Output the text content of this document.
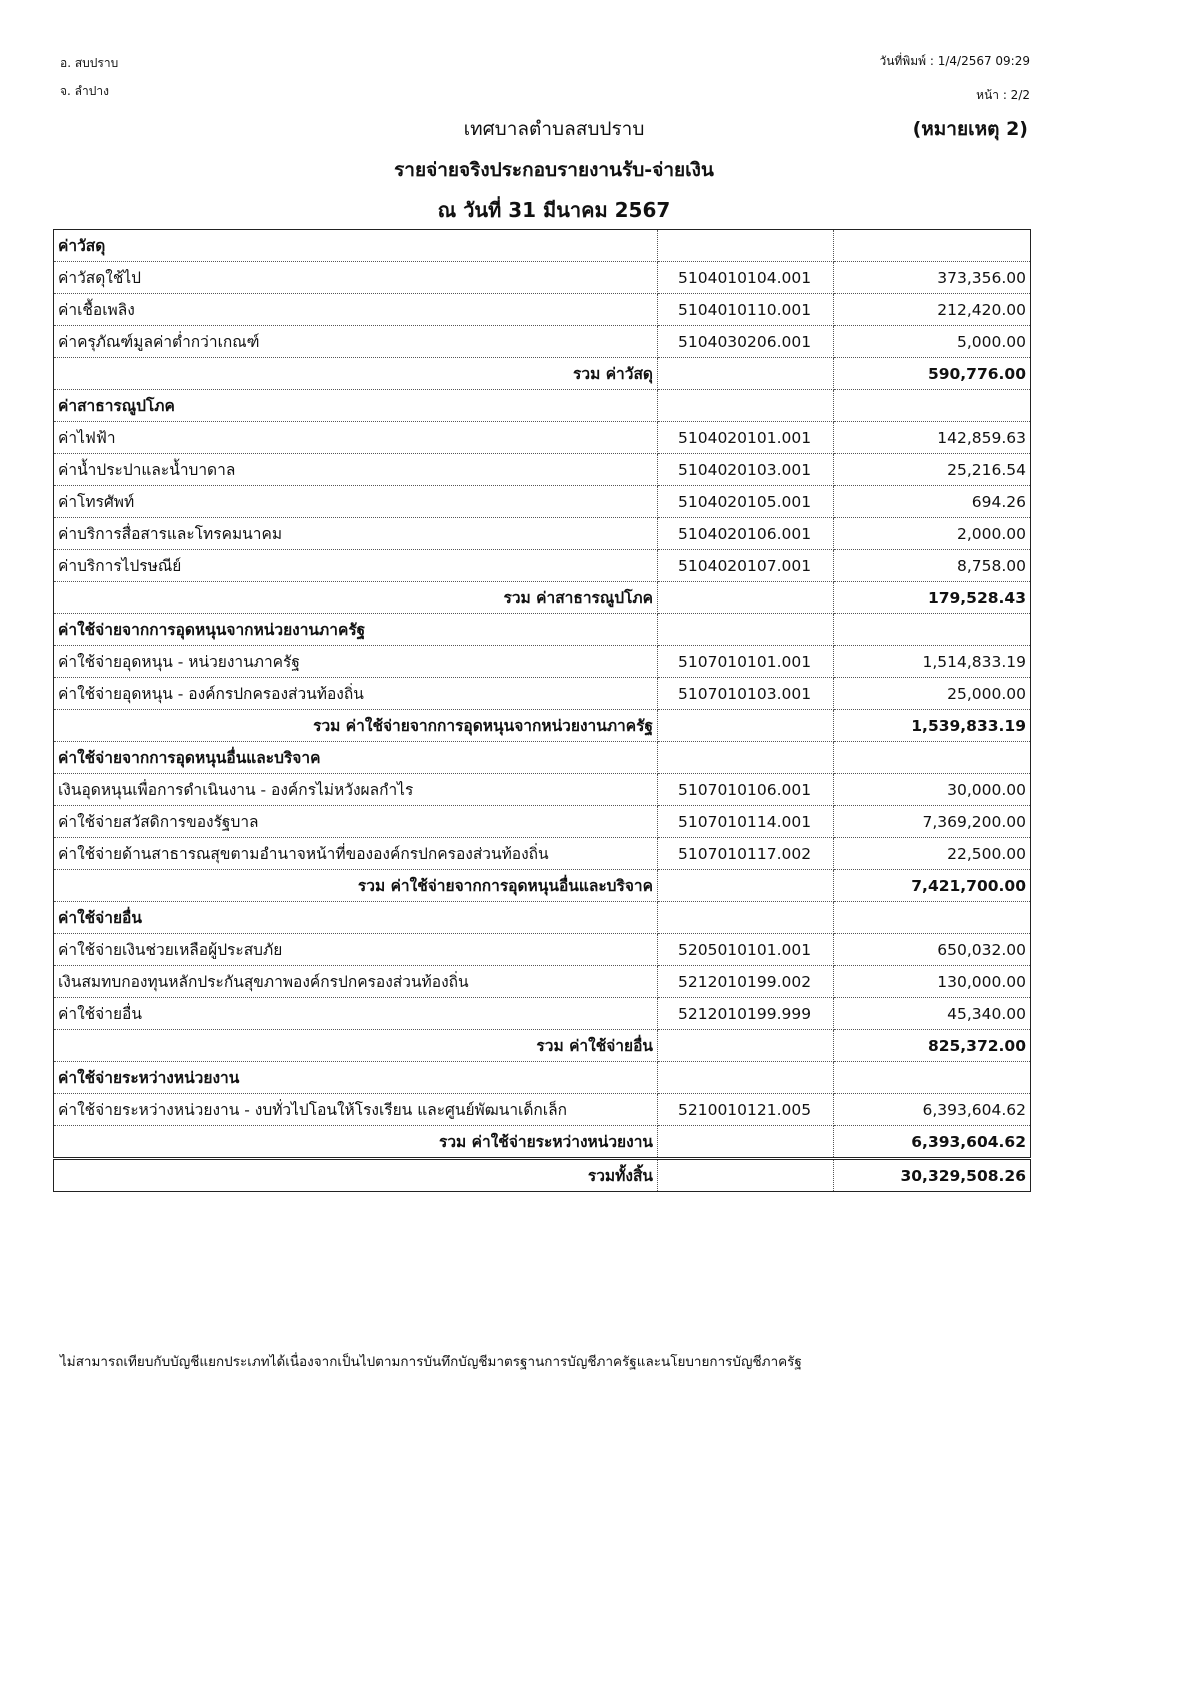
อ. สบปราบ
จ. ลำปาง
วันที่พิมพ์ : 1/4/2567 09:29
หน้า : 2/2
เทศบาลตำบลสบปราบ	(หมายเหตุ 2)
รายจ่ายจริงประกอบรายงานรับ-จ่ายเงิน
ณ วันที่ 31 มีนาคม 2567
ค่าวัสดุ		
ค่าวัสดุใช้ไป	5104010104.001	373,356.00
ค่าเชื้อเพลิง	5104010110.001	212,420.00
ค่าครุภัณฑ์มูลค่าต่ำกว่าเกณฑ์	5104030206.001	5,000.00
รวม ค่าวัสดุ		590,776.00
ค่าสาธารณูปโภค		
ค่าไฟฟ้า	5104020101.001	142,859.63
ค่าน้ำประปาและน้ำบาดาล	5104020103.001	25,216.54
ค่าโทรศัพท์	5104020105.001	694.26
ค่าบริการสื่อสารและโทรคมนาคม	5104020106.001	2,000.00
ค่าบริการไปรษณีย์	5104020107.001	8,758.00
รวม ค่าสาธารณูปโภค		179,528.43
ค่าใช้จ่ายจากการอุดหนุนจากหน่วยงานภาครัฐ		
ค่าใช้จ่ายอุดหนุน - หน่วยงานภาครัฐ	5107010101.001	1,514,833.19
ค่าใช้จ่ายอุดหนุน - องค์กรปกครองส่วนท้องถิ่น	5107010103.001	25,000.00
รวม ค่าใช้จ่ายจากการอุดหนุนจากหน่วยงานภาครัฐ		1,539,833.19
ค่าใช้จ่ายจากการอุดหนุนอื่นและบริจาค		
เงินอุดหนุนเพื่อการดำเนินงาน - องค์กรไม่หวังผลกำไร	5107010106.001	30,000.00
ค่าใช้จ่ายสวัสดิการของรัฐบาล	5107010114.001	7,369,200.00
ค่าใช้จ่ายด้านสาธารณสุขตามอำนาจหน้าที่ขององค์กรปกครองส่วนท้องถิ่น	5107010117.002	22,500.00
รวม ค่าใช้จ่ายจากการอุดหนุนอื่นและบริจาค		7,421,700.00
ค่าใช้จ่ายอื่น		
ค่าใช้จ่ายเงินช่วยเหลือผู้ประสบภัย	5205010101.001	650,032.00
เงินสมทบกองทุนหลักประกันสุขภาพองค์กรปกครองส่วนท้องถิ่น	5212010199.002	130,000.00
ค่าใช้จ่ายอื่น	5212010199.999	45,340.00
รวม ค่าใช้จ่ายอื่น		825,372.00
ค่าใช้จ่ายระหว่างหน่วยงาน		
ค่าใช้จ่ายระหว่างหน่วยงาน - งบทั่วไปโอนให้โรงเรียน และศูนย์พัฒนาเด็กเล็ก	5210010121.005	6,393,604.62
รวม ค่าใช้จ่ายระหว่างหน่วยงาน		6,393,604.62
รวมทั้งสิ้น		30,329,508.26
ไม่สามารถเทียบกับบัญชีแยกประเภทได้เนื่องจากเป็นไปตามการบันทึกบัญชีมาตรฐานการบัญชีภาครัฐและนโยบายการบัญชีภาครัฐ
